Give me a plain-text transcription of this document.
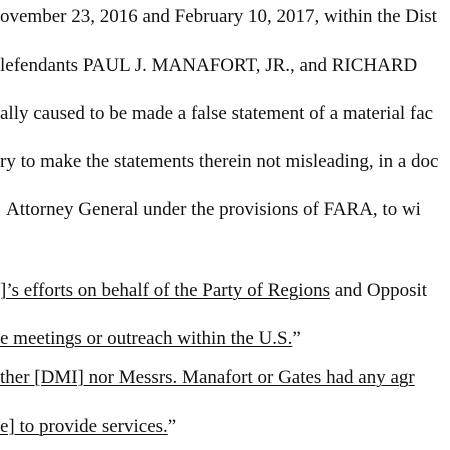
ovember 23, 2016 and February 10, 2017, within the Dist
lefendants PAUL J. MANAFORT, JR., and RICHARD
ally caused to be made a false statement of a material fac
ry to make the statements therein not misleading, in a doc
Attorney General under the provisions of FARA, to wi
]’s efforts on behalf of the Party of Regions and Opposit
e meetings or outreach within the U.S.”
ther [DMI] nor Messrs. Manafort or Gates had any agr
e] to provide services.”
